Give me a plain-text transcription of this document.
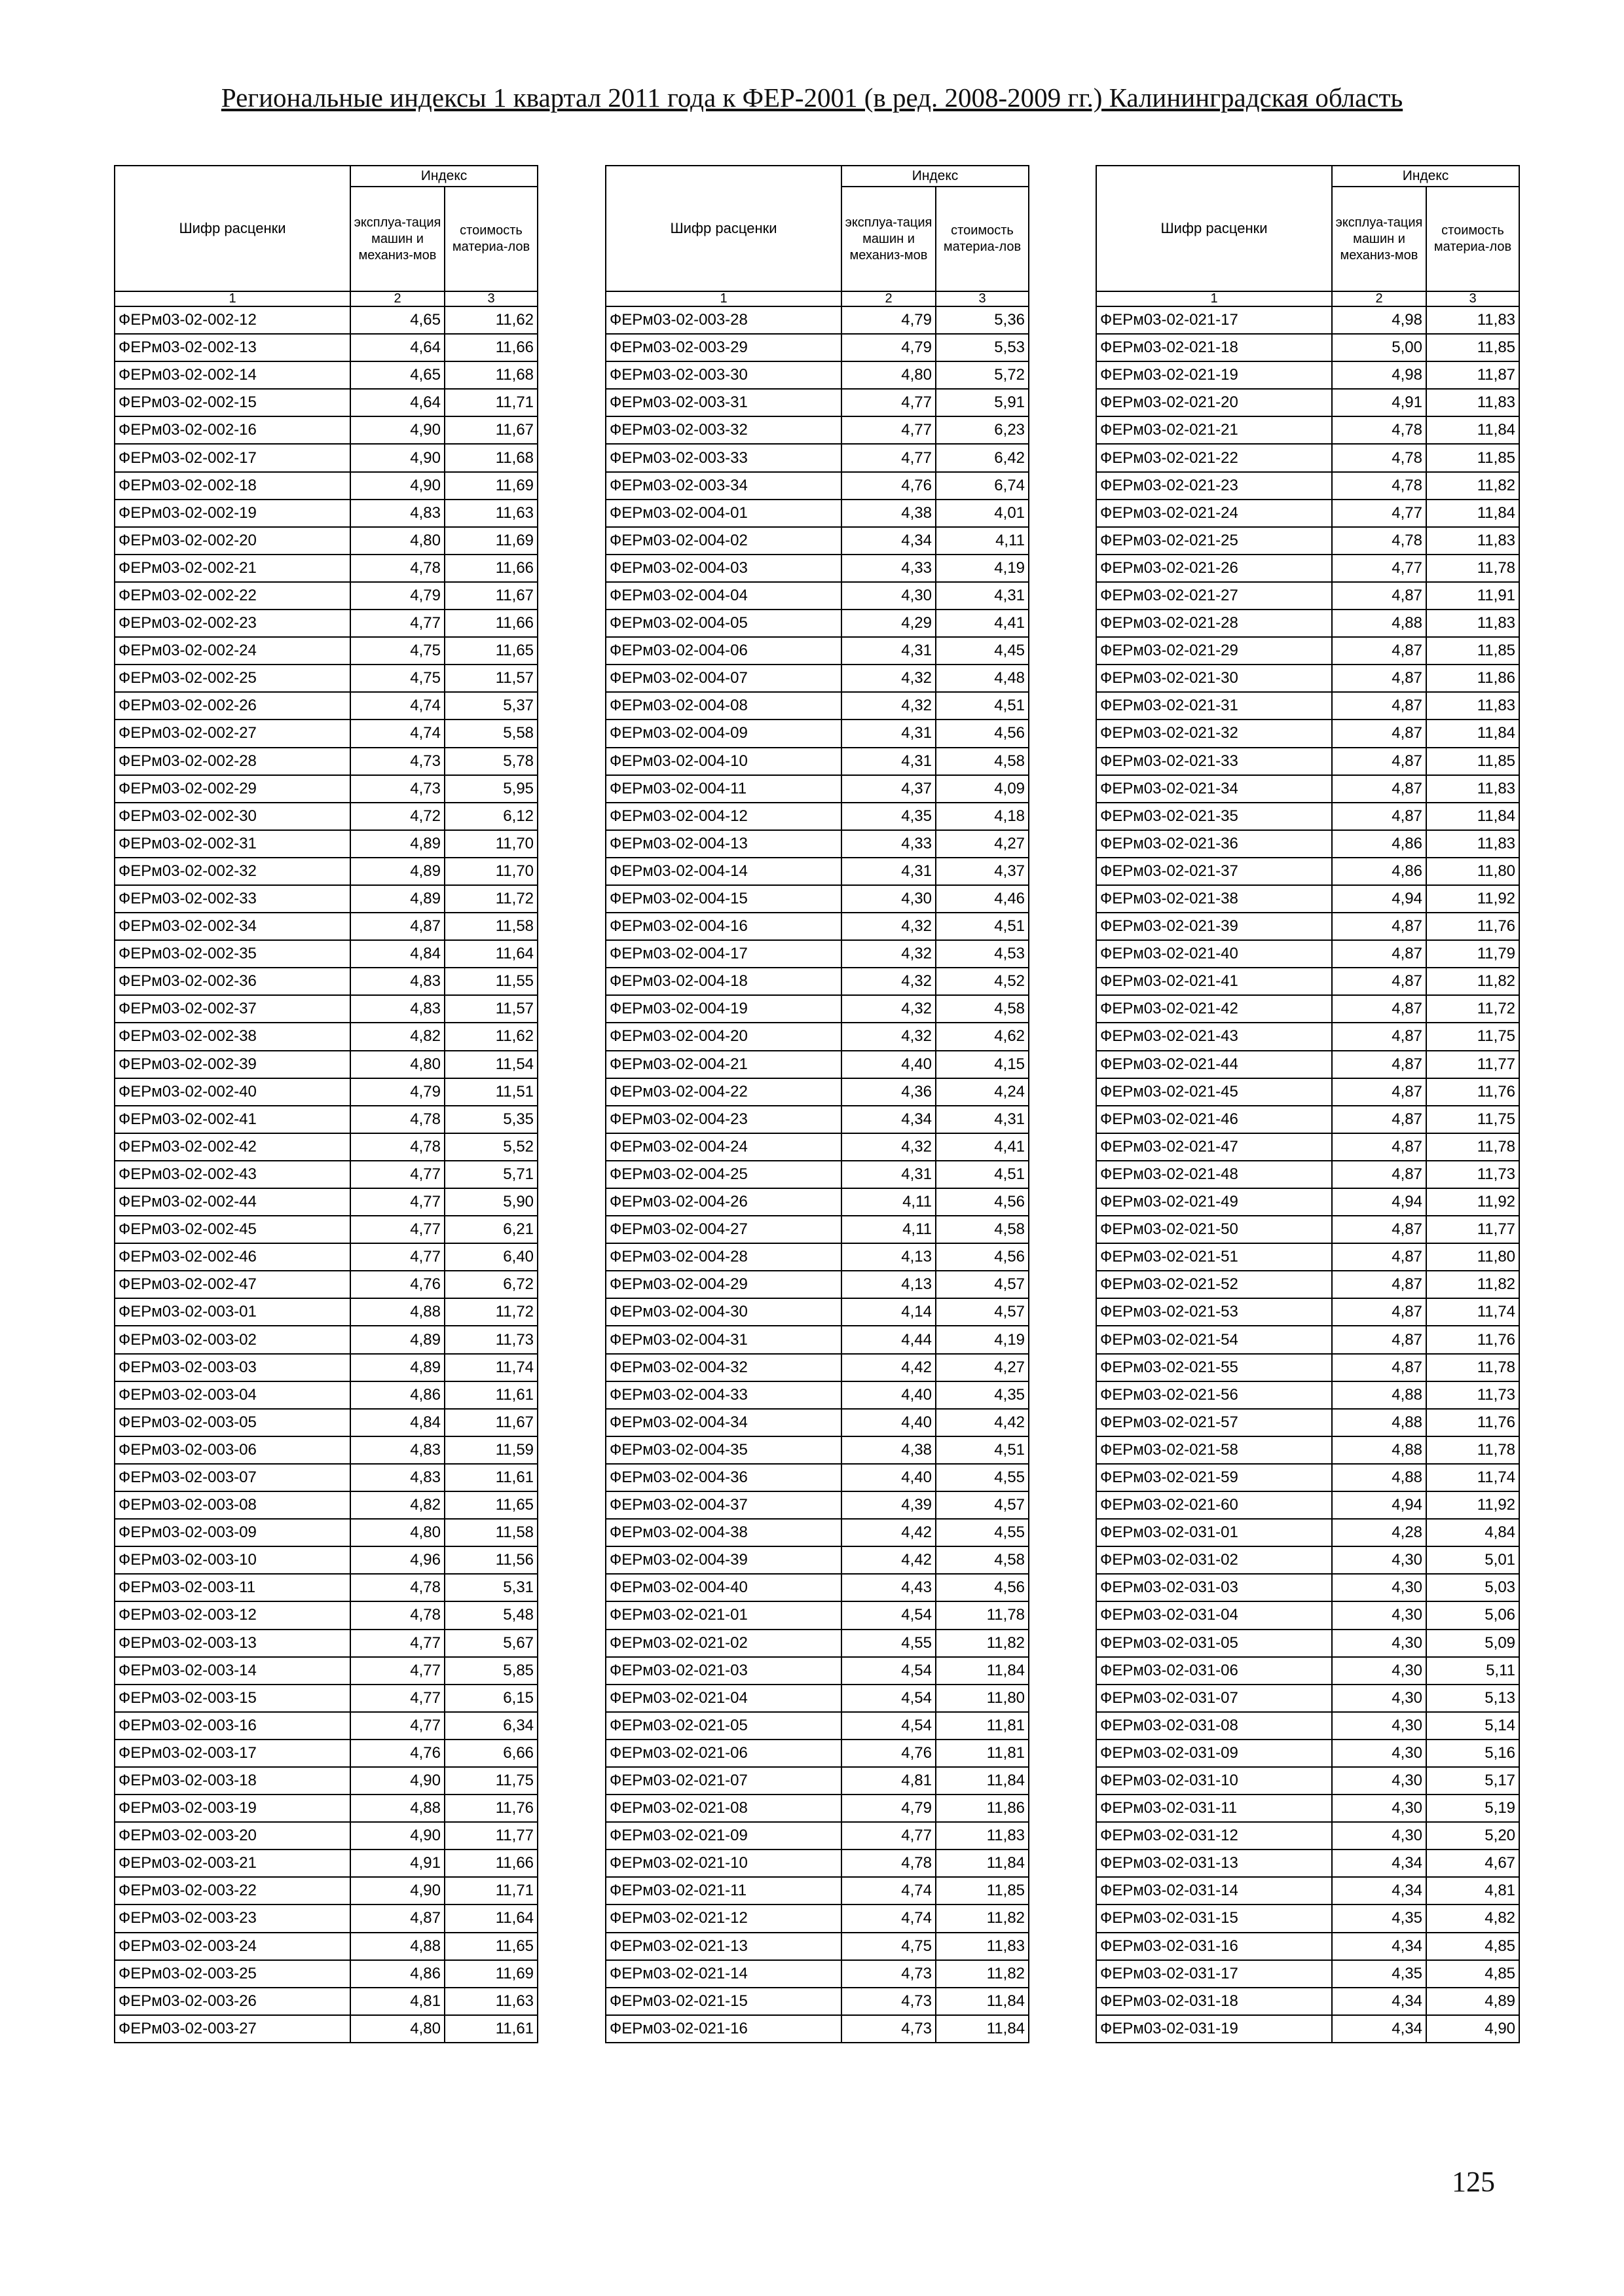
Региональные индексы 1 квартал 2011 года к ФЕР-2001 (в ред. 2008-2009 гг.) Калининградская область
Шифр расценки	Индекс	
	эксплуа-тация машин и механиз-мов	стоимость материа-лов
1	2	3
ФЕРм03-02-002-12	4,65	11,62
ФЕРм03-02-002-13	4,64	11,66
ФЕРм03-02-002-14	4,65	11,68
ФЕРм03-02-002-15	4,64	11,71
ФЕРм03-02-002-16	4,90	11,67
ФЕРм03-02-002-17	4,90	11,68
ФЕРм03-02-002-18	4,90	11,69
ФЕРм03-02-002-19	4,83	11,63
ФЕРм03-02-002-20	4,80	11,69
ФЕРм03-02-002-21	4,78	11,66
ФЕРм03-02-002-22	4,79	11,67
ФЕРм03-02-002-23	4,77	11,66
ФЕРм03-02-002-24	4,75	11,65
ФЕРм03-02-002-25	4,75	11,57
ФЕРм03-02-002-26	4,74	5,37
ФЕРм03-02-002-27	4,74	5,58
ФЕРм03-02-002-28	4,73	5,78
ФЕРм03-02-002-29	4,73	5,95
ФЕРм03-02-002-30	4,72	6,12
ФЕРм03-02-002-31	4,89	11,70
ФЕРм03-02-002-32	4,89	11,70
ФЕРм03-02-002-33	4,89	11,72
ФЕРм03-02-002-34	4,87	11,58
ФЕРм03-02-002-35	4,84	11,64
ФЕРм03-02-002-36	4,83	11,55
ФЕРм03-02-002-37	4,83	11,57
ФЕРм03-02-002-38	4,82	11,62
ФЕРм03-02-002-39	4,80	11,54
ФЕРм03-02-002-40	4,79	11,51
ФЕРм03-02-002-41	4,78	5,35
ФЕРм03-02-002-42	4,78	5,52
ФЕРм03-02-002-43	4,77	5,71
ФЕРм03-02-002-44	4,77	5,90
ФЕРм03-02-002-45	4,77	6,21
ФЕРм03-02-002-46	4,77	6,40
ФЕРм03-02-002-47	4,76	6,72
ФЕРм03-02-003-01	4,88	11,72
ФЕРм03-02-003-02	4,89	11,73
ФЕРм03-02-003-03	4,89	11,74
ФЕРм03-02-003-04	4,86	11,61
ФЕРм03-02-003-05	4,84	11,67
ФЕРм03-02-003-06	4,83	11,59
ФЕРм03-02-003-07	4,83	11,61
ФЕРм03-02-003-08	4,82	11,65
ФЕРм03-02-003-09	4,80	11,58
ФЕРм03-02-003-10	4,96	11,56
ФЕРм03-02-003-11	4,78	5,31
ФЕРм03-02-003-12	4,78	5,48
ФЕРм03-02-003-13	4,77	5,67
ФЕРм03-02-003-14	4,77	5,85
ФЕРм03-02-003-15	4,77	6,15
ФЕРм03-02-003-16	4,77	6,34
ФЕРм03-02-003-17	4,76	6,66
ФЕРм03-02-003-18	4,90	11,75
ФЕРм03-02-003-19	4,88	11,76
ФЕРм03-02-003-20	4,90	11,77
ФЕРм03-02-003-21	4,91	11,66
ФЕРм03-02-003-22	4,90	11,71
ФЕРм03-02-003-23	4,87	11,64
ФЕРм03-02-003-24	4,88	11,65
ФЕРм03-02-003-25	4,86	11,69
ФЕРм03-02-003-26	4,81	11,63
ФЕРм03-02-003-27	4,80	11,61
Шифр расценки	Индекс	
	эксплуа-тация машин и механиз-мов	стоимость материа-лов
1	2	3
ФЕРм03-02-003-28	4,79	5,36
ФЕРм03-02-003-29	4,79	5,53
ФЕРм03-02-003-30	4,80	5,72
ФЕРм03-02-003-31	4,77	5,91
ФЕРм03-02-003-32	4,77	6,23
ФЕРм03-02-003-33	4,77	6,42
ФЕРм03-02-003-34	4,76	6,74
ФЕРм03-02-004-01	4,38	4,01
ФЕРм03-02-004-02	4,34	4,11
ФЕРм03-02-004-03	4,33	4,19
ФЕРм03-02-004-04	4,30	4,31
ФЕРм03-02-004-05	4,29	4,41
ФЕРм03-02-004-06	4,31	4,45
ФЕРм03-02-004-07	4,32	4,48
ФЕРм03-02-004-08	4,32	4,51
ФЕРм03-02-004-09	4,31	4,56
ФЕРм03-02-004-10	4,31	4,58
ФЕРм03-02-004-11	4,37	4,09
ФЕРм03-02-004-12	4,35	4,18
ФЕРм03-02-004-13	4,33	4,27
ФЕРм03-02-004-14	4,31	4,37
ФЕРм03-02-004-15	4,30	4,46
ФЕРм03-02-004-16	4,32	4,51
ФЕРм03-02-004-17	4,32	4,53
ФЕРм03-02-004-18	4,32	4,52
ФЕРм03-02-004-19	4,32	4,58
ФЕРм03-02-004-20	4,32	4,62
ФЕРм03-02-004-21	4,40	4,15
ФЕРм03-02-004-22	4,36	4,24
ФЕРм03-02-004-23	4,34	4,31
ФЕРм03-02-004-24	4,32	4,41
ФЕРм03-02-004-25	4,31	4,51
ФЕРм03-02-004-26	4,11	4,56
ФЕРм03-02-004-27	4,11	4,58
ФЕРм03-02-004-28	4,13	4,56
ФЕРм03-02-004-29	4,13	4,57
ФЕРм03-02-004-30	4,14	4,57
ФЕРм03-02-004-31	4,44	4,19
ФЕРм03-02-004-32	4,42	4,27
ФЕРм03-02-004-33	4,40	4,35
ФЕРм03-02-004-34	4,40	4,42
ФЕРм03-02-004-35	4,38	4,51
ФЕРм03-02-004-36	4,40	4,55
ФЕРм03-02-004-37	4,39	4,57
ФЕРм03-02-004-38	4,42	4,55
ФЕРм03-02-004-39	4,42	4,58
ФЕРм03-02-004-40	4,43	4,56
ФЕРм03-02-021-01	4,54	11,78
ФЕРм03-02-021-02	4,55	11,82
ФЕРм03-02-021-03	4,54	11,84
ФЕРм03-02-021-04	4,54	11,80
ФЕРм03-02-021-05	4,54	11,81
ФЕРм03-02-021-06	4,76	11,81
ФЕРм03-02-021-07	4,81	11,84
ФЕРм03-02-021-08	4,79	11,86
ФЕРм03-02-021-09	4,77	11,83
ФЕРм03-02-021-10	4,78	11,84
ФЕРм03-02-021-11	4,74	11,85
ФЕРм03-02-021-12	4,74	11,82
ФЕРм03-02-021-13	4,75	11,83
ФЕРм03-02-021-14	4,73	11,82
ФЕРм03-02-021-15	4,73	11,84
ФЕРм03-02-021-16	4,73	11,84
Шифр расценки	Индекс	
	эксплуа-тация машин и механиз-мов	стоимость материа-лов
1	2	3
ФЕРм03-02-021-17	4,98	11,83
ФЕРм03-02-021-18	5,00	11,85
ФЕРм03-02-021-19	4,98	11,87
ФЕРм03-02-021-20	4,91	11,83
ФЕРм03-02-021-21	4,78	11,84
ФЕРм03-02-021-22	4,78	11,85
ФЕРм03-02-021-23	4,78	11,82
ФЕРм03-02-021-24	4,77	11,84
ФЕРм03-02-021-25	4,78	11,83
ФЕРм03-02-021-26	4,77	11,78
ФЕРм03-02-021-27	4,87	11,91
ФЕРм03-02-021-28	4,88	11,83
ФЕРм03-02-021-29	4,87	11,85
ФЕРм03-02-021-30	4,87	11,86
ФЕРм03-02-021-31	4,87	11,83
ФЕРм03-02-021-32	4,87	11,84
ФЕРм03-02-021-33	4,87	11,85
ФЕРм03-02-021-34	4,87	11,83
ФЕРм03-02-021-35	4,87	11,84
ФЕРм03-02-021-36	4,86	11,83
ФЕРм03-02-021-37	4,86	11,80
ФЕРм03-02-021-38	4,94	11,92
ФЕРм03-02-021-39	4,87	11,76
ФЕРм03-02-021-40	4,87	11,79
ФЕРм03-02-021-41	4,87	11,82
ФЕРм03-02-021-42	4,87	11,72
ФЕРм03-02-021-43	4,87	11,75
ФЕРм03-02-021-44	4,87	11,77
ФЕРм03-02-021-45	4,87	11,76
ФЕРм03-02-021-46	4,87	11,75
ФЕРм03-02-021-47	4,87	11,78
ФЕРм03-02-021-48	4,87	11,73
ФЕРм03-02-021-49	4,94	11,92
ФЕРм03-02-021-50	4,87	11,77
ФЕРм03-02-021-51	4,87	11,80
ФЕРм03-02-021-52	4,87	11,82
ФЕРм03-02-021-53	4,87	11,74
ФЕРм03-02-021-54	4,87	11,76
ФЕРм03-02-021-55	4,87	11,78
ФЕРм03-02-021-56	4,88	11,73
ФЕРм03-02-021-57	4,88	11,76
ФЕРм03-02-021-58	4,88	11,78
ФЕРм03-02-021-59	4,88	11,74
ФЕРм03-02-021-60	4,94	11,92
ФЕРм03-02-031-01	4,28	4,84
ФЕРм03-02-031-02	4,30	5,01
ФЕРм03-02-031-03	4,30	5,03
ФЕРм03-02-031-04	4,30	5,06
ФЕРм03-02-031-05	4,30	5,09
ФЕРм03-02-031-06	4,30	5,11
ФЕРм03-02-031-07	4,30	5,13
ФЕРм03-02-031-08	4,30	5,14
ФЕРм03-02-031-09	4,30	5,16
ФЕРм03-02-031-10	4,30	5,17
ФЕРм03-02-031-11	4,30	5,19
ФЕРм03-02-031-12	4,30	5,20
ФЕРм03-02-031-13	4,34	4,67
ФЕРм03-02-031-14	4,34	4,81
ФЕРм03-02-031-15	4,35	4,82
ФЕРм03-02-031-16	4,34	4,85
ФЕРм03-02-031-17	4,35	4,85
ФЕРм03-02-031-18	4,34	4,89
ФЕРм03-02-031-19	4,34	4,90
125
